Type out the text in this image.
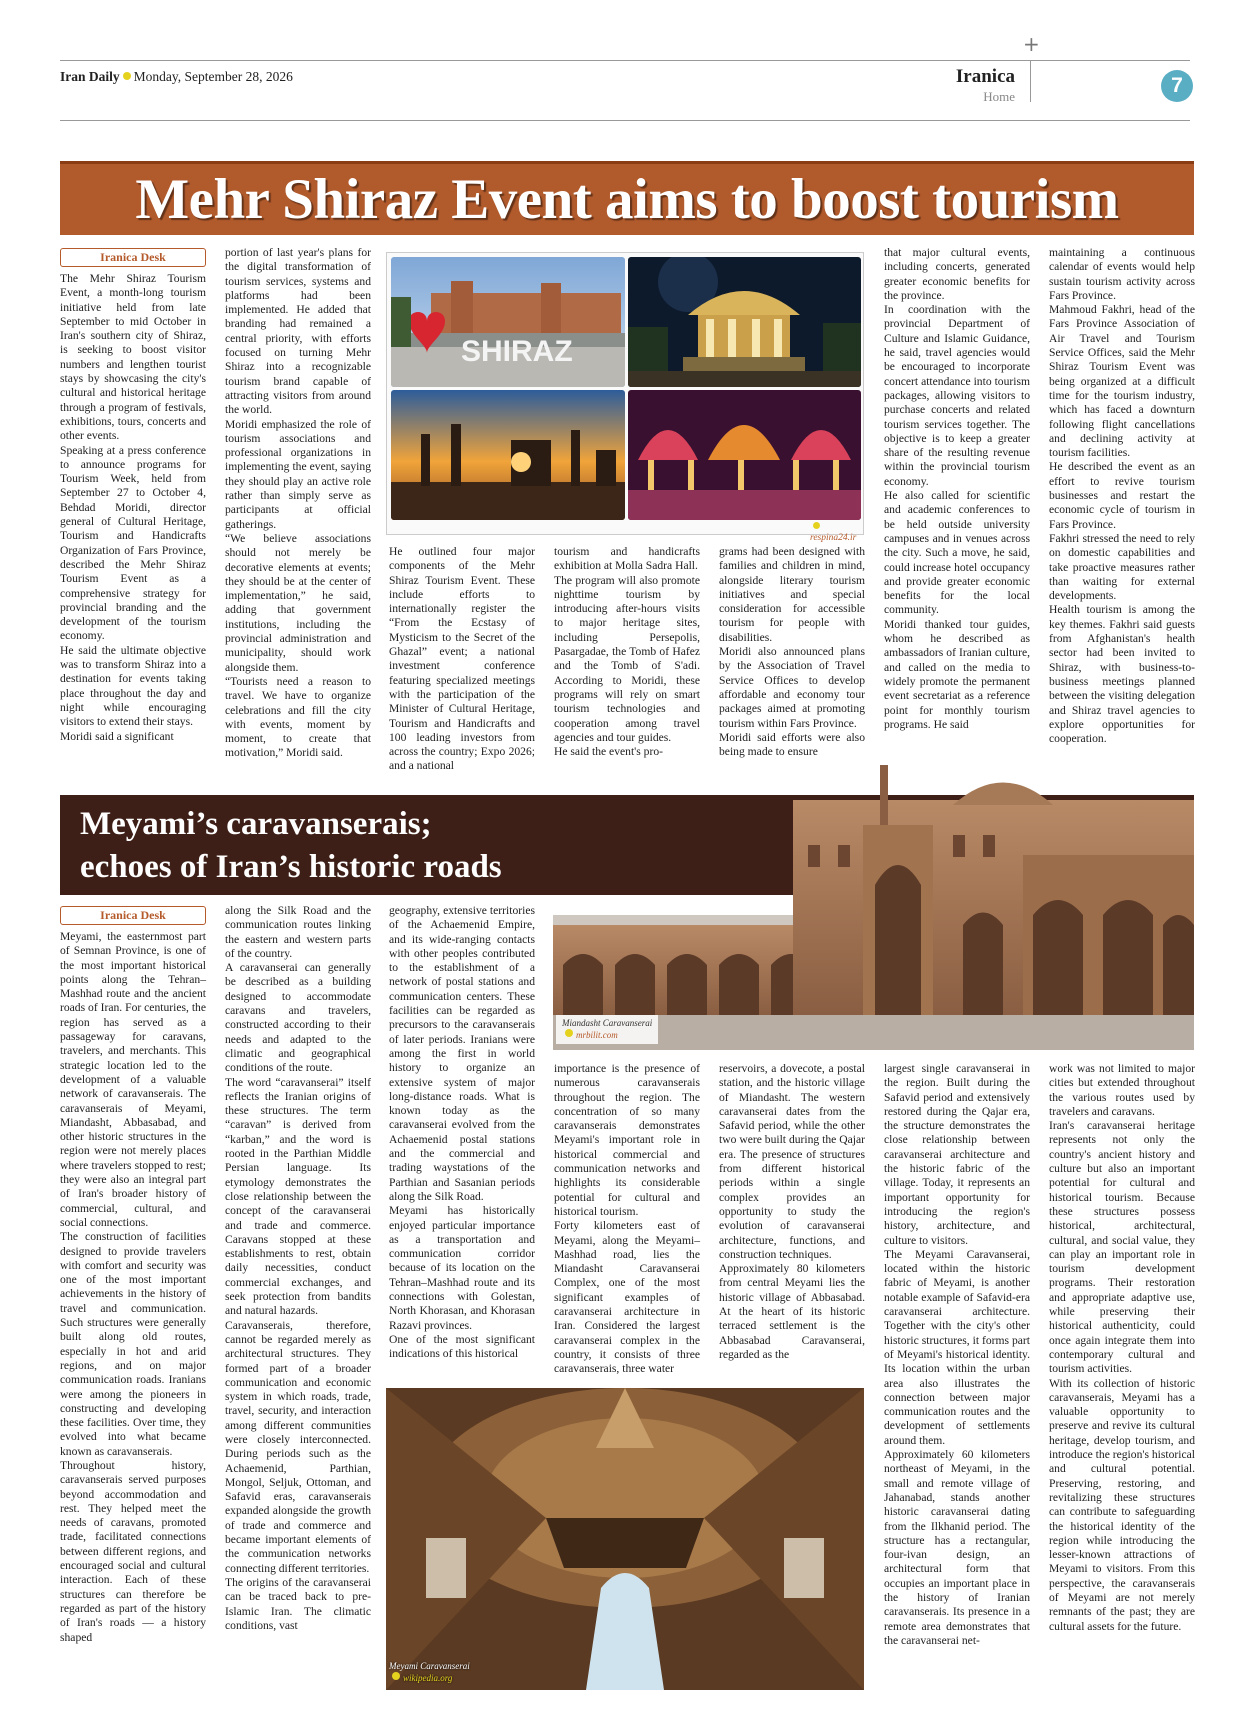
+
Iran Daily Monday, September 28, 2026	Iranica
Home	7
Mehr Shiraz Event aims to boost tourism
Iranica Desk

The Mehr Shiraz Tourism Event, a month-long tourism initiative held from late September to mid October in Iran's southern city of Shiraz, is seeking to boost visitor numbers and lengthen tourist stays by showcasing the city's cultural and historical heritage through a program of festivals, exhibitions, tours, concerts and other events.

Speaking at a press conference to announce programs for Tourism Week, held from September 27 to October 4, Behdad Moridi, director general of Cultural Heritage, Tourism and Handicrafts Organization of Fars Province, described the Mehr Shiraz Tourism Event as a comprehensive strategy for provincial branding and the development of the tourism economy.

He said the ultimate objective was to transform Shiraz into a destination for events taking place throughout the day and night while encouraging visitors to extend their stays.

Moridi said a significant

portion of last year's plans for the digital transformation of tourism services, systems and platforms had been implemented. He added that branding had remained a central priority, with efforts focused on turning Mehr Shiraz into a recognizable tourism brand capable of attracting visitors from around the world.

Moridi emphasized the role of tourism associations and professional organizations in implementing the event, saying they should play an active role rather than simply serve as participants at official gatherings.

“We believe associations should not merely be decorative elements at events; they should be at the center of implementation,” he said, adding that government institutions, including the provincial administration and municipality, should work alongside them.

“Tourists need a reason to travel. We have to organize celebrations and fill the city with events, moment by moment, to create that motivation,” Moridi said.

SHIRAZ
respina24.ir

He outlined four major components of the Mehr Shiraz Tourism Event. These include efforts to internationally register the “From the Ecstasy of Mysticism to the Secret of the Ghazal” event; a national investment conference featuring specialized meetings with the participation of the Minister of Cultural Heritage, Tourism and Handicrafts and 100 leading investors from across the country; Expo 2026; and a national

tourism and handicrafts exhibition at Molla Sadra Hall.

The program will also promote nighttime tourism by introducing after-hours visits to major heritage sites, including Persepolis, Pasargadae, the Tomb of Hafez and the Tomb of S'adi. According to Moridi, these programs will rely on smart tourism technologies and cooperation among travel agencies and tour guides.

He said the event's pro-

grams had been designed with families and children in mind, alongside literary tourism initiatives and special consideration for accessible tourism for people with disabilities.

Moridi also announced plans by the Association of Travel Service Offices to develop affordable and economy tour packages aimed at promoting tourism within Fars Province.

Moridi said efforts were also being made to ensure

that major cultural events, including concerts, generated greater economic benefits for the province.

In coordination with the provincial Department of Culture and Islamic Guidance, he said, travel agencies would be encouraged to incorporate concert attendance into tourism packages, allowing visitors to purchase concerts and related tourism services together. The objective is to keep a greater share of the resulting revenue within the provincial tourism economy.

He also called for scientific and academic conferences to be held outside university campuses and in venues across the city. Such a move, he said, could increase hotel occupancy and provide greater economic benefits for the local community.

Moridi thanked tour guides, whom he described as ambassadors of Iranian culture, and called on the media to widely promote the permanent event secretariat as a reference point for monthly tourism programs. He said

maintaining a continuous calendar of events would help sustain tourism activity across Fars Province.

Mahmoud Fakhri, head of the Fars Province Association of Air Travel and Tourism Service Offices, said the Mehr Shiraz Tourism Event was being organized at a difficult time for the tourism industry, which has faced a downturn following flight cancellations and declining activity at tourism facilities.

He described the event as an effort to revive tourism businesses and restart the economic cycle of tourism in Fars Province.

Fakhri stressed the need to rely on domestic capabilities and take proactive measures rather than waiting for external developments.

Health tourism is among the key themes. Fakhri said guests from Afghanistan's health sector had been invited to Shiraz, with business-to-business meetings planned between the visiting delegation and Shiraz travel agencies to explore opportunities for cooperation.

Meyami’s caravanserais;
echoes of Iran’s historic roads
Miandasht Caravanserai
mrbilit.com
Iranica Desk

Meyami, the easternmost part of Semnan Province, is one of the most important historical points along the Tehran–Mashhad route and the ancient roads of Iran. For centuries, the region has served as a passageway for caravans, travelers, and merchants. This strategic location led to the development of a valuable network of caravanserais. The caravanserais of Meyami, Miandasht, Abbasabad, and other historic structures in the region were not merely places where travelers stopped to rest; they were also an integral part of Iran's broader history of commercial, cultural, and social connections.

The construction of facilities designed to provide travelers with comfort and security was one of the most important achievements in the history of travel and communication. Such structures were generally built along old routes, especially in hot and arid regions, and on major communication roads. Iranians were among the pioneers in constructing and developing these facilities. Over time, they evolved into what became known as caravanserais.

Throughout history, caravanserais served purposes beyond accommodation and rest. They helped meet the needs of caravans, promoted trade, facilitated connections between different regions, and encouraged social and cultural interaction. Each of these structures can therefore be regarded as part of the history of Iran's roads — a history shaped

along the Silk Road and the communication routes linking the eastern and western parts of the country.

A caravanserai can generally be described as a building designed to accommodate caravans and travelers, constructed according to their needs and adapted to the climatic and geographical conditions of the route.

The word “caravanserai” itself reflects the Iranian origins of these structures. The term “caravan” is derived from “karban,” and the word is rooted in the Parthian Middle Persian language. Its etymology demonstrates the close relationship between the concept of the caravanserai and trade and commerce. Caravans stopped at these establishments to rest, obtain daily necessities, conduct commercial exchanges, and seek protection from bandits and natural hazards.

Caravanserais, therefore, cannot be regarded merely as architectural structures. They formed part of a broader communication and economic system in which roads, trade, travel, security, and interaction among different communities were closely interconnected. During periods such as the Achaemenid, Parthian, Mongol, Seljuk, Ottoman, and Safavid eras, caravanserais expanded alongside the growth of trade and commerce and became important elements of the communication networks connecting different territories.

The origins of the caravanserai can be traced back to pre-Islamic Iran. The climatic conditions, vast

geography, extensive territories of the Achaemenid Empire, and its wide-ranging contacts with other peoples contributed to the establishment of a network of postal stations and communication centers. These facilities can be regarded as precursors to the caravanserais of later periods. Iranians were among the first in world history to organize an extensive system of major long-distance roads. What is known today as the caravanserai evolved from the Achaemenid postal stations and the commercial and trading waystations of the Parthian and Sasanian periods along the Silk Road.

Meyami has historically enjoyed particular importance as a transportation and communication corridor because of its location on the Tehran–Mashhad route and its connections with Golestan, North Khorasan, and Khorasan Razavi provinces.

One of the most significant indications of this historical

importance is the presence of numerous caravanserais throughout the region. The concentration of so many caravanserais demonstrates Meyami's important role in historical commercial and communication networks and highlights its considerable potential for cultural and historical tourism.

Forty kilometers east of Meyami, along the Meyami–Mashhad road, lies the Miandasht Caravanserai Complex, one of the most significant examples of caravanserai architecture in Iran. Considered the largest caravanserai complex in the country, it consists of three caravanserais, three water

reservoirs, a dovecote, a postal station, and the historic village of Miandasht. The western caravanserai dates from the Safavid period, while the other two were built during the Qajar era. The presence of structures from different historical periods within a single complex provides an opportunity to study the evolution of caravanserai architecture, functions, and construction techniques.

Approximately 80 kilometers from central Meyami lies the historic village of Abbasabad. At the heart of its historic terraced settlement is the Abbasabad Caravanserai, regarded as the

largest single caravanserai in the region. Built during the Safavid period and extensively restored during the Qajar era, the structure demonstrates the close relationship between caravanserai architecture and the historic fabric of the village. Today, it represents an important opportunity for introducing the region's history, architecture, and culture to visitors.

The Meyami Caravanserai, located within the historic fabric of Meyami, is another notable example of Safavid-era caravanserai architecture. Together with the city's other historic structures, it forms part of Meyami's historical identity. Its location within the urban area also illustrates the connection between major communication routes and the development of settlements around them.

Approximately 60 kilometers northeast of Meyami, in the small and remote village of Jahanabad, stands another historic caravanserai dating from the Ilkhanid period. The structure has a rectangular, four-ivan design, an architectural form that occupies an important place in the history of Iranian caravanserais. Its presence in a remote area demonstrates that the caravanserai net-

work was not limited to major cities but extended throughout the various routes used by travelers and caravans.

Iran's caravanserai heritage represents not only the country's ancient history and culture but also an important potential for cultural and historical tourism. Because these structures possess historical, architectural, cultural, and social value, they can play an important role in tourism development programs. Their restoration and appropriate adaptive use, while preserving their historical authenticity, could once again integrate them into contemporary cultural and tourism activities.

With its collection of historic caravanserais, Meyami has a valuable opportunity to preserve and revive its cultural heritage, develop tourism, and introduce the region's historical and cultural potential. Preserving, restoring, and revitalizing these structures can contribute to safeguarding the historical identity of the region while introducing the lesser-known attractions of Meyami to visitors. From this perspective, the caravanserais of Meyami are not merely remnants of the past; they are cultural assets for the future.

Meyami Caravanserai
wikipedia.org
